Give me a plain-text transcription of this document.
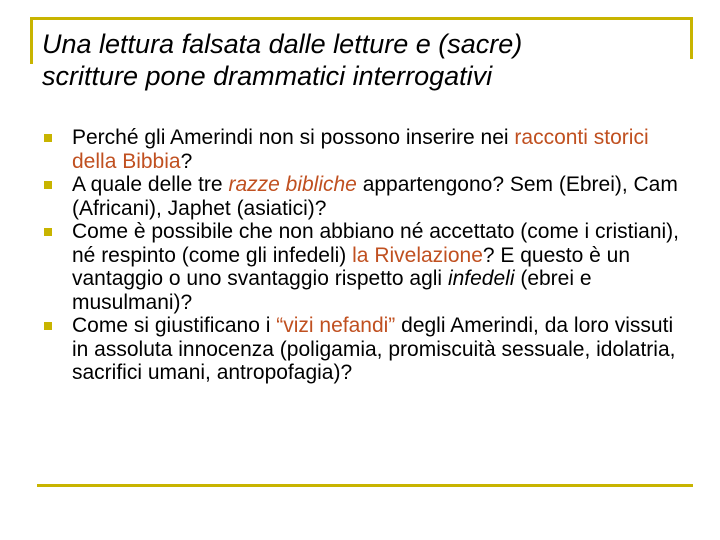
Una lettura falsata dalle letture e (sacre)
scritture pone drammatici interrogativi
Perché gli Amerindi non si possono inserire nei racconti storici della Bibbia?
A quale delle tre razze bibliche appartengono? Sem (Ebrei), Cam (Africani), Japhet (asiatici)?
Come è possibile che non abbiano né accettato (come i cristiani), né respinto (come gli infedeli) la Rivelazione? E questo è un vantaggio o uno svantaggio rispetto agli infedeli (ebrei e musulmani)?
Come si giustificano i “vizi nefandi” degli Amerindi, da loro vissuti in assoluta innocenza (poligamia, promiscuità sessuale, idolatria, sacrifici umani, antropofagia)?
